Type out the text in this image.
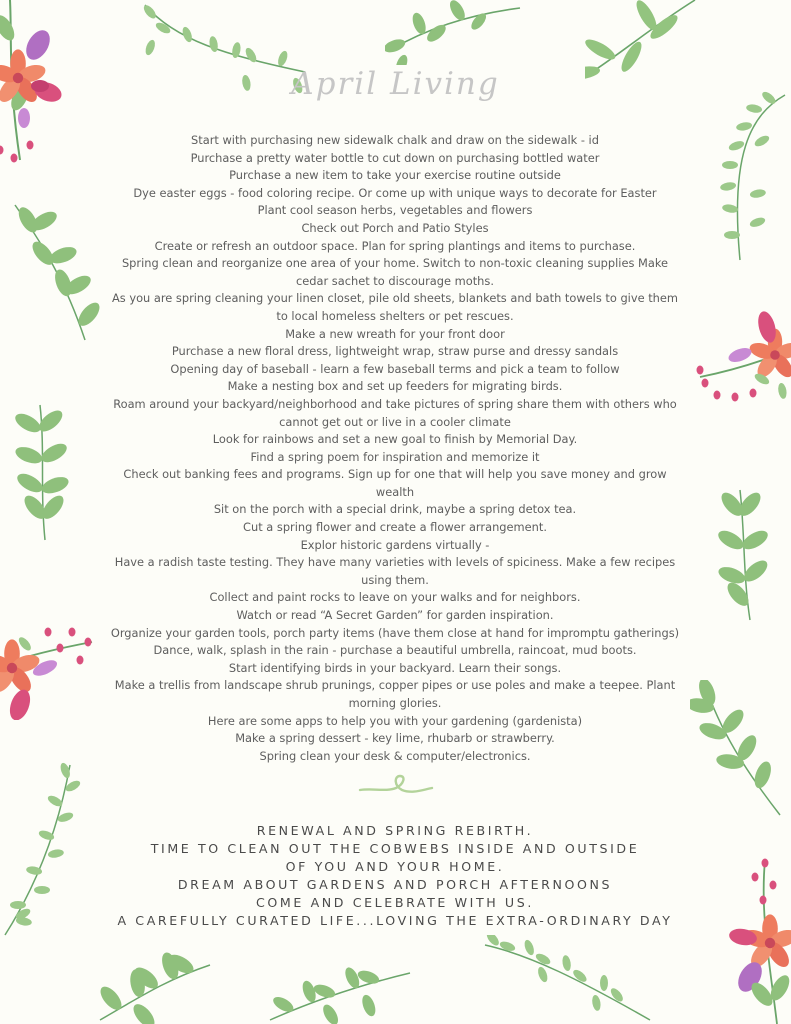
April Living
Start with purchasing new sidewalk chalk and draw on the sidewalk - id
Purchase a pretty water bottle to cut down on purchasing bottled water
Purchase a new item to take your exercise routine outside
Dye easter eggs - food coloring recipe. Or come up with unique ways to decorate for Easter
Plant cool season herbs, vegetables and flowers
Check out Porch and Patio Styles
Create or refresh an outdoor space. Plan for spring plantings and items to purchase.
Spring clean and reorganize one area of your home. Switch to non-toxic cleaning supplies Make cedar sachet to discourage moths.
As you are spring cleaning your linen closet, pile old sheets, blankets and bath towels to give them to local homeless shelters or pet rescues.
Make a new wreath for your front door
Purchase a new floral dress, lightweight wrap, straw purse and dressy sandals
Opening day of baseball - learn a few baseball terms and pick a team to follow
Make a nesting box and set up feeders for migrating birds.
Roam around your backyard/neighborhood and take pictures of spring share them with others who cannot get out or live in a cooler climate
Look for rainbows and set a new goal to finish by Memorial Day.
Find a spring poem for inspiration and memorize it
Check out banking fees and programs. Sign up for one that will help you save money and grow wealth
Sit on the porch with a special drink, maybe a spring detox tea.
Cut a spring flower and create a flower arrangement.
Explor historic gardens virtually -
Have a radish taste testing. They have many varieties with levels of spiciness. Make a few recipes using them.
Collect and paint rocks to leave on your walks and for neighbors.
Watch or read “A Secret Garden” for garden inspiration.
Organize your garden tools, porch party items (have them close at hand for impromptu gatherings)
Dance, walk, splash in the rain - purchase a beautiful umbrella, raincoat, mud boots.
Start identifying birds in your backyard. Learn their songs.
Make a trellis from landscape shrub prunings, copper pipes or use poles and make a teepee. Plant morning glories.
Here are some apps to help you with your gardening (gardenista)
Make a spring dessert - key lime, rhubarb or strawberry.
Spring clean your desk & computer/electronics.
RENEWAL AND SPRING REBIRTH.
TIME TO CLEAN OUT THE COBWEBS INSIDE AND OUTSIDE
OF YOU AND YOUR HOME.
DREAM ABOUT GARDENS AND PORCH AFTERNOONS
COME AND CELEBRATE WITH US.
A CAREFULLY CURATED LIFE...LOVING THE EXTRA-ORDINARY DAY
